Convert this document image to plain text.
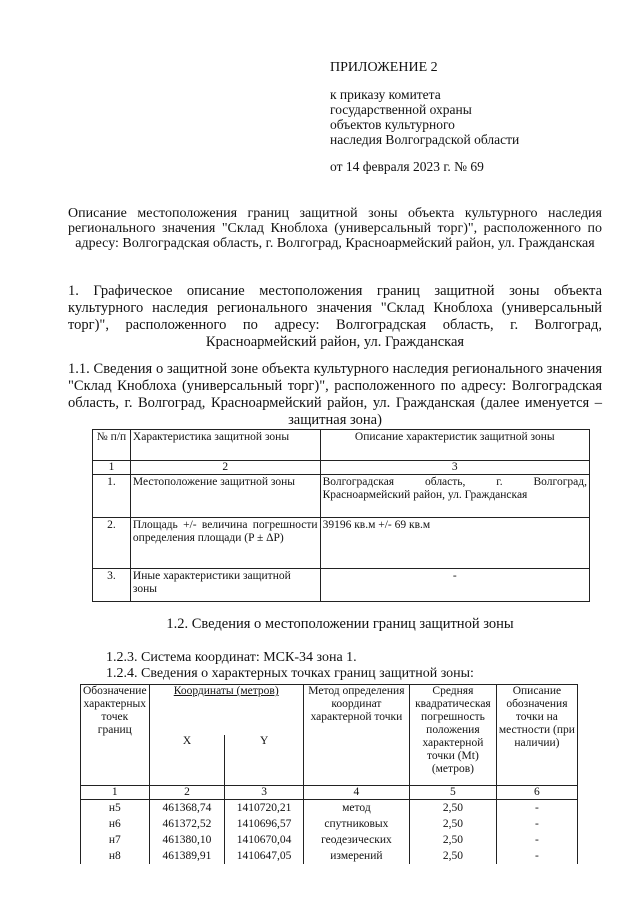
ПРИЛОЖЕНИЕ 2
к приказу комитета
государственной охраны
объектов культурного
наследия Волгоградской области
от 14 февраля 2023 г. № 69
Описание местоположения границ защитной зоны объекта культурного наследия регионального значения "Склад Кноблоха (универсальный торг)", расположенного по адресу: Волгоградская область, г. Волгоград, Красноармейский район, ул. Гражданская
1. Графическое описание местоположения границ защитной зоны объекта культурного наследия регионального значения "Склад Кноблоха (универсальный торг)", расположенного по адресу: Волгоградская область, г. Волгоград, Красноармейский район, ул. Гражданская
1.1. Сведения о защитной зоне объекта культурного наследия регионального значения "Склад Кноблоха (универсальный торг)", расположенного по адресу: Волгоградская область, г. Волгоград, Красноармейский район, ул. Гражданская (далее именуется – защитная зона)
№ п/п	Характеристика защитной зоны	Описание характеристик защитной зоны
1	2	3
1.	Местоположение защитной зоны	Волгоградская область, г. Волгоград, Красноармейский район, ул. Гражданская
2.	Площадь +/- величина погрешности определения площади (P ± ΔP)	39196 кв.м +/- 69 кв.м
3.	Иные характеристики защитной зоны	-
1.2. Сведения о местоположении границ защитной зоны
1.2.3. Система координат: МСК-34 зона 1.
1.2.4. Сведения о характерных точках границ защитной зоны:
Обозначение характерных точек границ	Координаты (метров)		Метод определения координат характерной точки	Средняя квадратическая погрешность положения характерной точки (Mt) (метров)	Описание обозначения точки на местности (при наличии)
	X	Y			
1	2	3	4	5	6
н5	461368,74	1410720,21	метод	2,50	-
н6	461372,52	1410696,57	спутниковых	2,50	-
н7	461380,10	1410670,04	геодезических	2,50	-
н8	461389,91	1410647,05	измерений	2,50	-
